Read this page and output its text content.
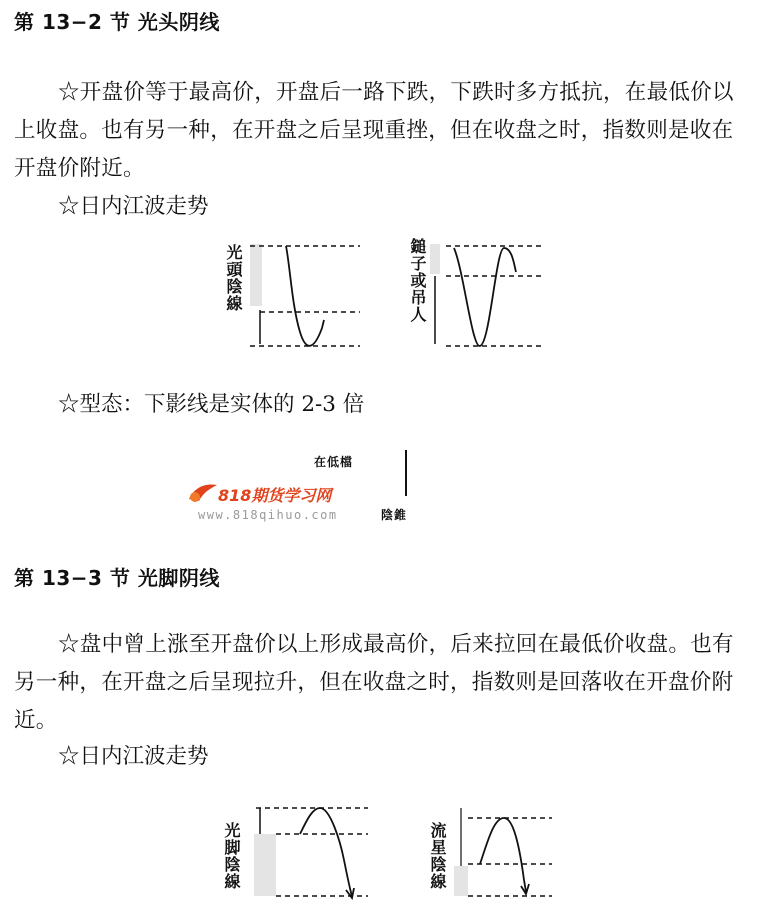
第 13−2 节 光头阴线
☆开盘价等于最高价，开盘后一路下跌，下跌时多方抵抗，在最低价以上收盘。也有另一种，在开盘之后呈现重挫，但在收盘之时，指数则是收在开盘价附近。
☆日内江波走势
光頭陰線	鎚子或吊人
☆型态：下影线是实体的 2-3 倍
在低檔
陰錐
818期货学习网
www.818qihuo.com
第 13−3 节 光脚阴线
☆盘中曾上涨至开盘价以上形成最高价，后来拉回在最低价收盘。也有另一种，在开盘之后呈现拉升，但在收盘之时，指数则是回落收在开盘价附近。
☆日内江波走势
光脚陰線	流星陰線
